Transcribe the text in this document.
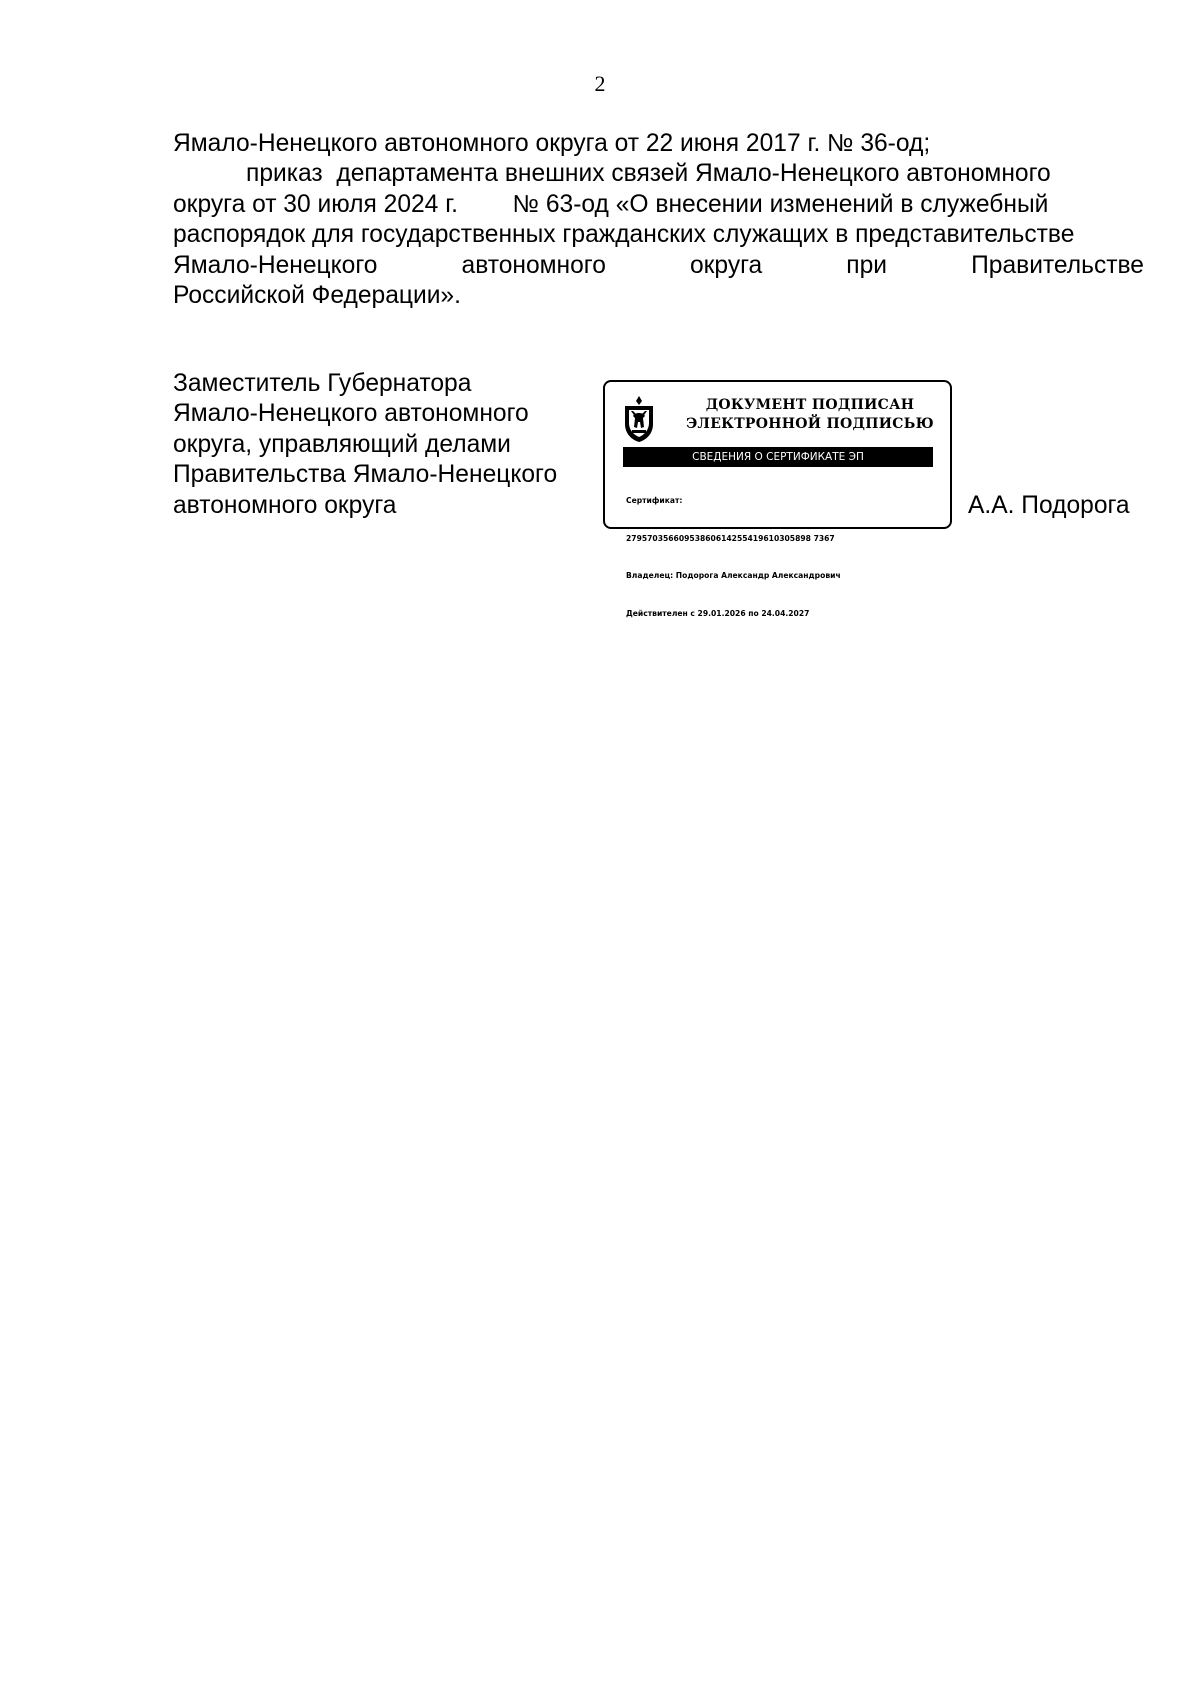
2
Ямало-Ненецкого автономного округа от 22 июня 2017 г. № 36-од;
приказ  департамента внешних связей Ямало-Ненецкого автономного
округа от 30 июля 2024 г.        № 63-од «О внесении изменений в служебный
распорядок для государственных гражданских служащих в представительстве
Ямало-Ненецкого	автономного	округа	при	Правительстве
Российской Федерации».
Заместитель Губернатора
Ямало-Ненецкого автономного
округа, управляющий делами
Правительства Ямало-Ненецкого
автономного округа
ДОКУМЕНТ ПОДПИСАН
ЭЛЕКТРОННОЙ ПОДПИСЬЮ
СВЕДЕНИЯ О СЕРТИФИКАТЕ ЭП

Сертификат:

27957035660953860614255419610305898 7367

Владелец: Подорога Александр Александрович

Действителен с 29.01.2026 по 24.04.2027

А.А. Подорога
